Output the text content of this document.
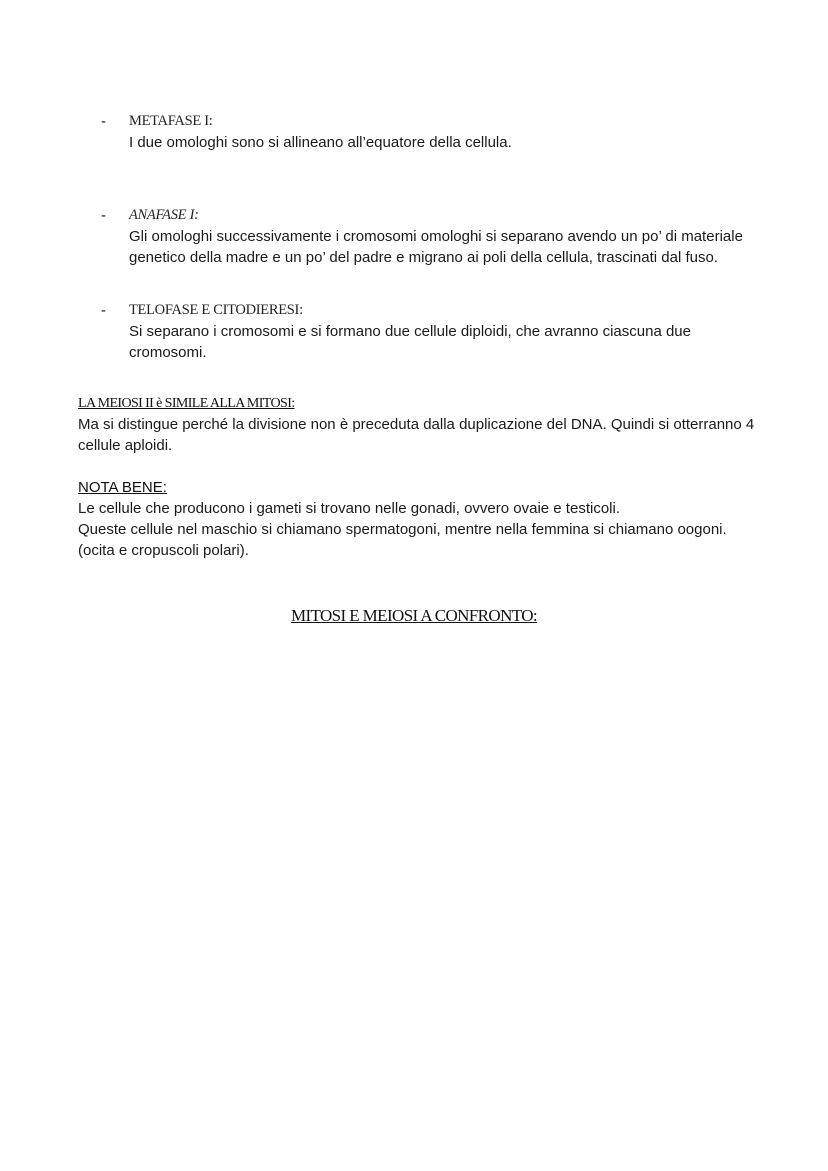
-	METAFASE I:
I due omologhi sono si allineano all’equatore della cellula.
-	ANAFASE I:
Gli omologhi successivamente i cromosomi omologhi si separano avendo un po’ di materiale genetico della madre e un po’ del padre e migrano ai poli della cellula, trascinati dal fuso.
-	TELOFASE E CITODIERESI:
Si separano i cromosomi e si formano due cellule diploidi, che avranno ciascuna due cromosomi.
LA MEIOSI II è SIMILE ALLA MITOSI:
Ma si distingue perché la divisione non è preceduta dalla duplicazione del DNA. Quindi si otterranno 4 cellule aploidi.
NOTA BENE:
Le cellule che producono i gameti si trovano nelle gonadi, ovvero ovaie e testicoli.
Queste cellule nel maschio si chiamano spermatogoni, mentre nella femmina si chiamano oogoni.
(ocita e cropuscoli polari).
MITOSI E MEIOSI A CONFRONTO:
